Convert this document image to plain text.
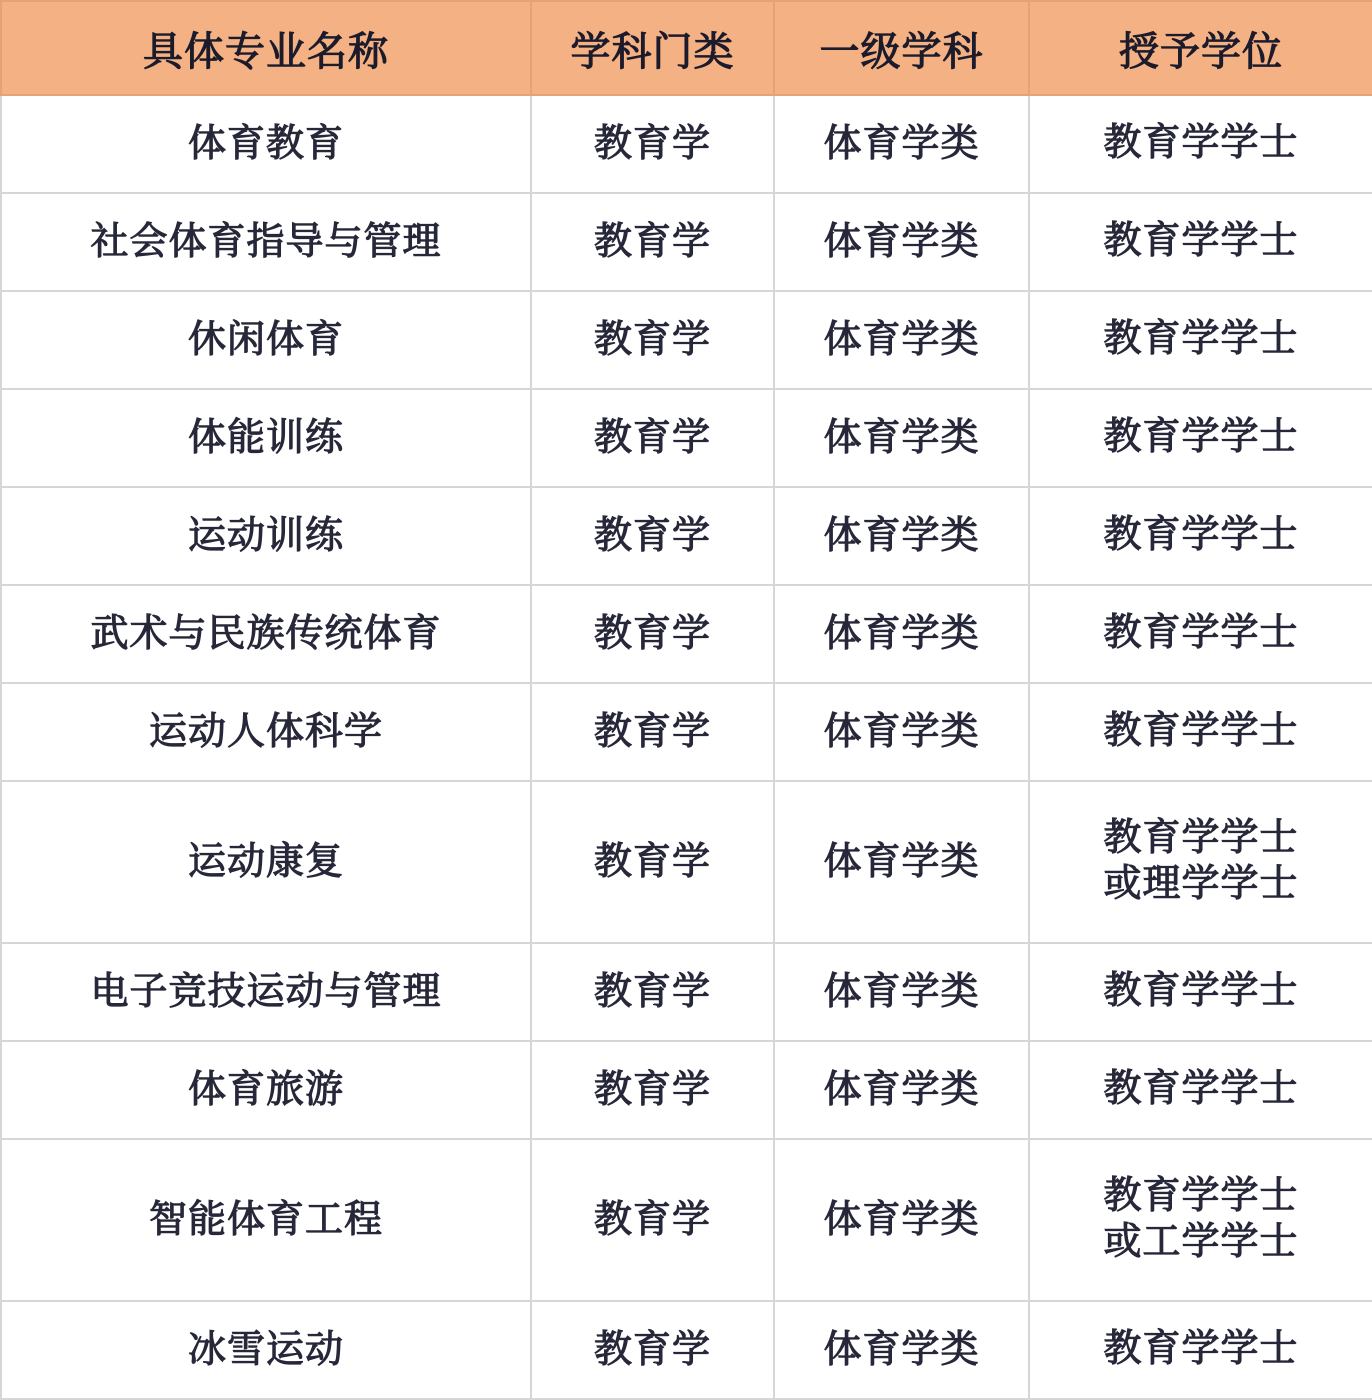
具体专业名称	学科门类	一级学科	授予学位
体育教育	教育学	体育学类	教育学学士

社会体育指导与管理	教育学	体育学类	教育学学士

休闲体育	教育学	体育学类	教育学学士

体能训练	教育学	体育学类	教育学学士

运动训练	教育学	体育学类	教育学学士

武术与民族传统体育	教育学	体育学类	教育学学士

运动人体科学	教育学	体育学类	教育学学士

运动康复	教育学	体育学类	教育学学士
或理学学士

电子竞技运动与管理	教育学	体育学类	教育学学士

体育旅游	教育学	体育学类	教育学学士

智能体育工程	教育学	体育学类	教育学学士
或工学学士

冰雪运动	教育学	体育学类	教育学学士
